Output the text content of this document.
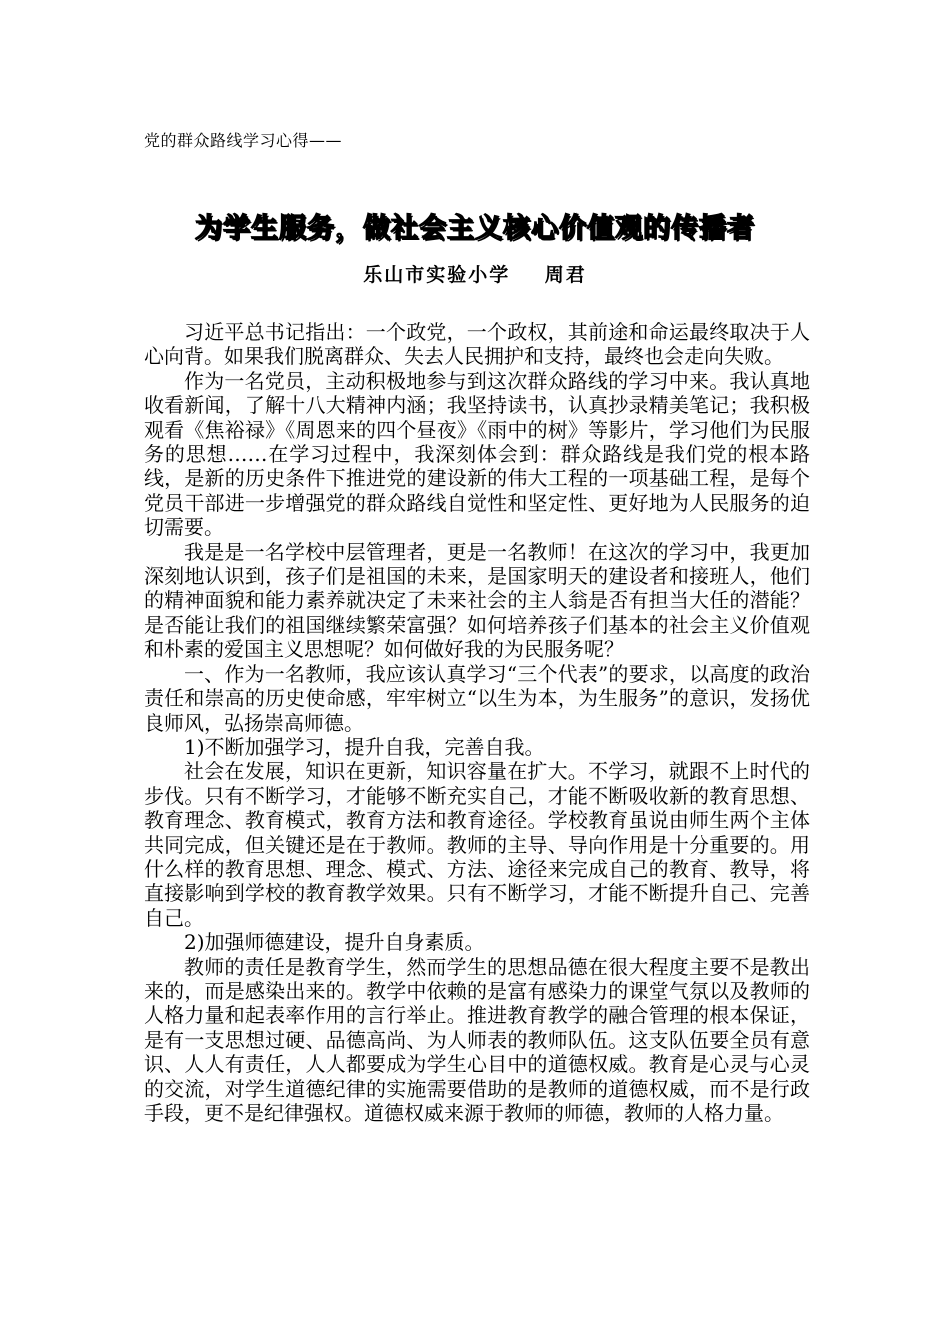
党的群众路线学习心得——
为学生服务，做社会主义核心价值观的传播者
乐山市实验小学    周君

习近平总书记指出：一个政党，一个政权，其前途和命运最终取决于人心向背。如果我们脱离群众、失去人民拥护和支持，最终也会走向失败。

作为一名党员，主动积极地参与到这次群众路线的学习中来。我认真地收看新闻，了解十八大精神内涵；我坚持读书，认真抄录精美笔记；我积极观看《焦裕禄》《周恩来的四个昼夜》《雨中的树》等影片，学习他们为民服务的思想……在学习过程中，我深刻体会到：群众路线是我们党的根本路线，是新的历史条件下推进党的建设新的伟大工程的一项基础工程，是每个党员干部进一步增强党的群众路线自觉性和坚定性、更好地为人民服务的迫切需要。

我是是一名学校中层管理者，更是一名教师！在这次的学习中，我更加深刻地认识到，孩子们是祖国的未来，是国家明天的建设者和接班人，他们的精神面貌和能力素养就决定了未来社会的主人翁是否有担当大任的潜能？是否能让我们的祖国继续繁荣富强？如何培养孩子们基本的社会主义价值观和朴素的爱国主义思想呢？如何做好我的为民服务呢？

一、作为一名教师，我应该认真学习“三个代表”的要求，以高度的政治责任和崇高的历史使命感，牢牢树立“以生为本，为生服务”的意识，发扬优良师风，弘扬崇高师德。

1)不断加强学习，提升自我，完善自我。

社会在发展，知识在更新，知识容量在扩大。不学习，就跟不上时代的步伐。只有不断学习，才能够不断充实自己，才能不断吸收新的教育思想、教育理念、教育模式，教育方法和教育途径。学校教育虽说由师生两个主体共同完成，但关键还是在于教师。教师的主导、导向作用是十分重要的。用什么样的教育思想、理念、模式、方法、途径来完成自己的教育、教导，将直接影响到学校的教育教学效果。只有不断学习，才能不断提升自己、完善自己。

2)加强师德建设，提升自身素质。

教师的责任是教育学生，然而学生的思想品德在很大程度主要不是教出来的，而是感染出来的。教学中依赖的是富有感染力的课堂气氛以及教师的人格力量和起表率作用的言行举止。推进教育教学的融合管理的根本保证，是有一支思想过硬、品德高尚、为人师表的教师队伍。这支队伍要全员有意识、人人有责任，人人都要成为学生心目中的道德权威。教育是心灵与心灵的交流，对学生道德纪律的实施需要借助的是教师的道德权威，而不是行政手段，更不是纪律强权。道德权威来源于教师的师德，教师的人格力量。
